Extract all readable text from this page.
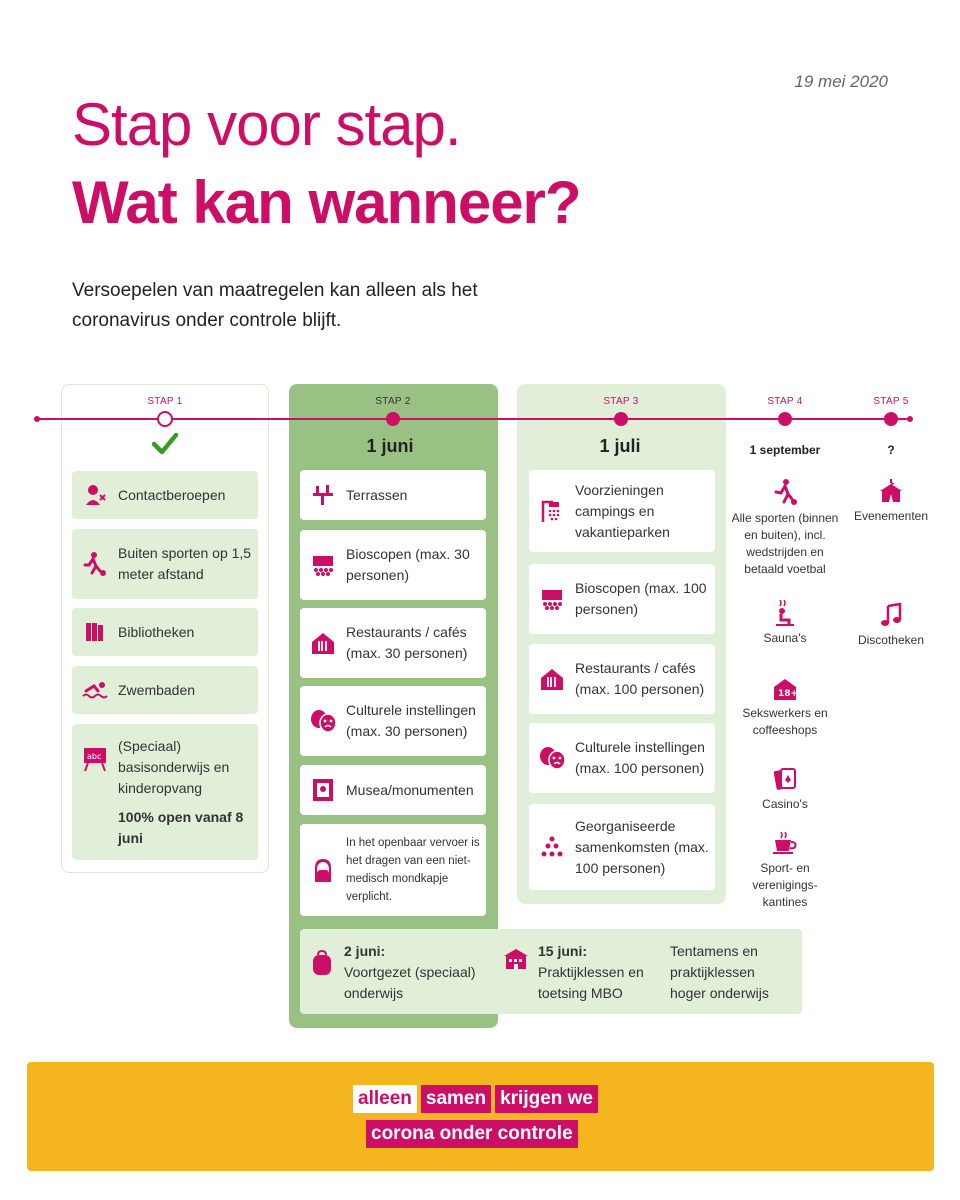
19 mei 2020
Stap voor stap.
Wat kan wanneer?
Versoepelen van maatregelen kan alleen als het coronavirus onder controle blijft.
STAP 1	STAP 2	STAP 3	STAP 4	STAP 5
1 juni	1 juli	1 september	?
Contactberoepen
Buiten sporten op 1,5 meter afstand
Bibliotheken
Zwembaden
abc
(Speciaal) basisonderwijs en kinderopvang
100% open vanaf 8 juni
Terrassen
Bioscopen (max. 30 personen)
Restaurants / cafés (max. 30 personen)
Culturele instellingen (max. 30 personen)
Musea/monumenten
In het openbaar vervoer is het dragen van een niet-medisch mondkapje verplicht.
Voorzieningen campings en vakantieparken
Bioscopen (max. 100 personen)
Restaurants / cafés (max. 100 personen)
Culturele instellingen (max. 100 personen)
Georganiseerde samenkomsten (max. 100 personen)
Alle sporten (binnen en buiten), incl. wedstrijden en betaald voetbal
Sauna's
18+
Sekswerkers en coffeeshops
Casino's
Sport- en verenigings-kantines
Evenementen
Discotheken
2 juni:
Voortgezet (speciaal) onderwijs
15 juni:
Praktijklessen en toetsing MBO
Tentamens en praktijklessen hoger onderwijs
alleen samen krijgen we
corona onder controle
